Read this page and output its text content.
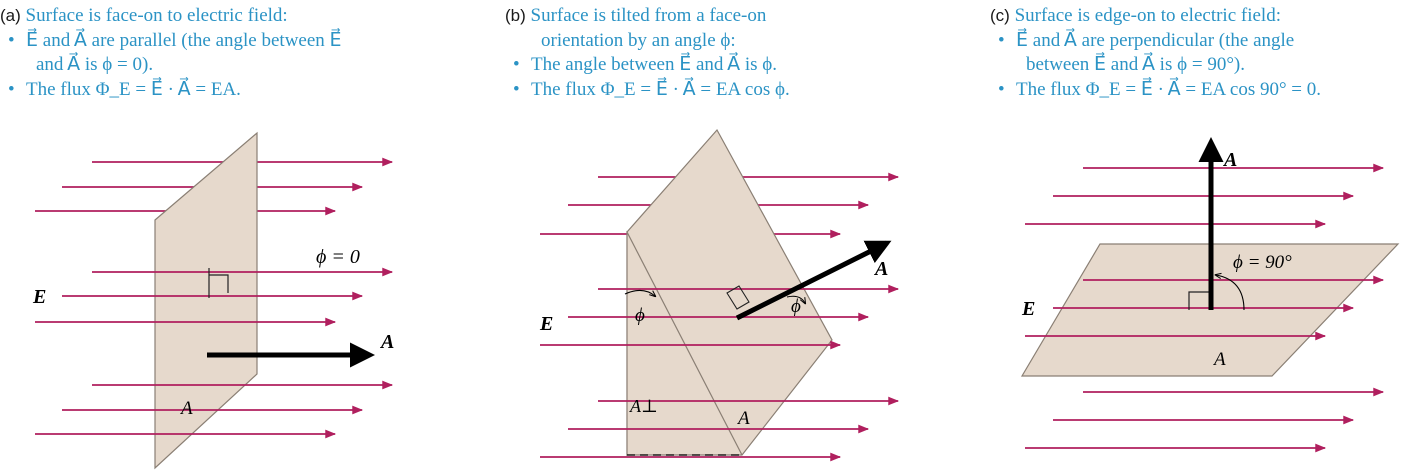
(a) Surface is face-on to electric field:
• E⃗ and A⃗ are parallel (the angle between E⃗
and A⃗ is ϕ = 0).
• The flux Φ_E = E⃗ · A⃗ = EA.
E⃗
A⃗
ϕ = 0
A
(b) Surface is tilted from a face-on
orientation by an angle ϕ:
• The angle between E⃗ and A⃗ is ϕ.
• The flux Φ_E = E⃗ · A⃗ = EA cos ϕ.
E⃗
A⃗
ϕ
ϕ
A⊥
A
(c) Surface is edge-on to electric field:
• E⃗ and A⃗ are perpendicular (the angle
between E⃗ and A⃗ is ϕ = 90°).
• The flux Φ_E = E⃗ · A⃗ = EA cos 90° = 0.
E⃗
A⃗
ϕ = 90°
A
